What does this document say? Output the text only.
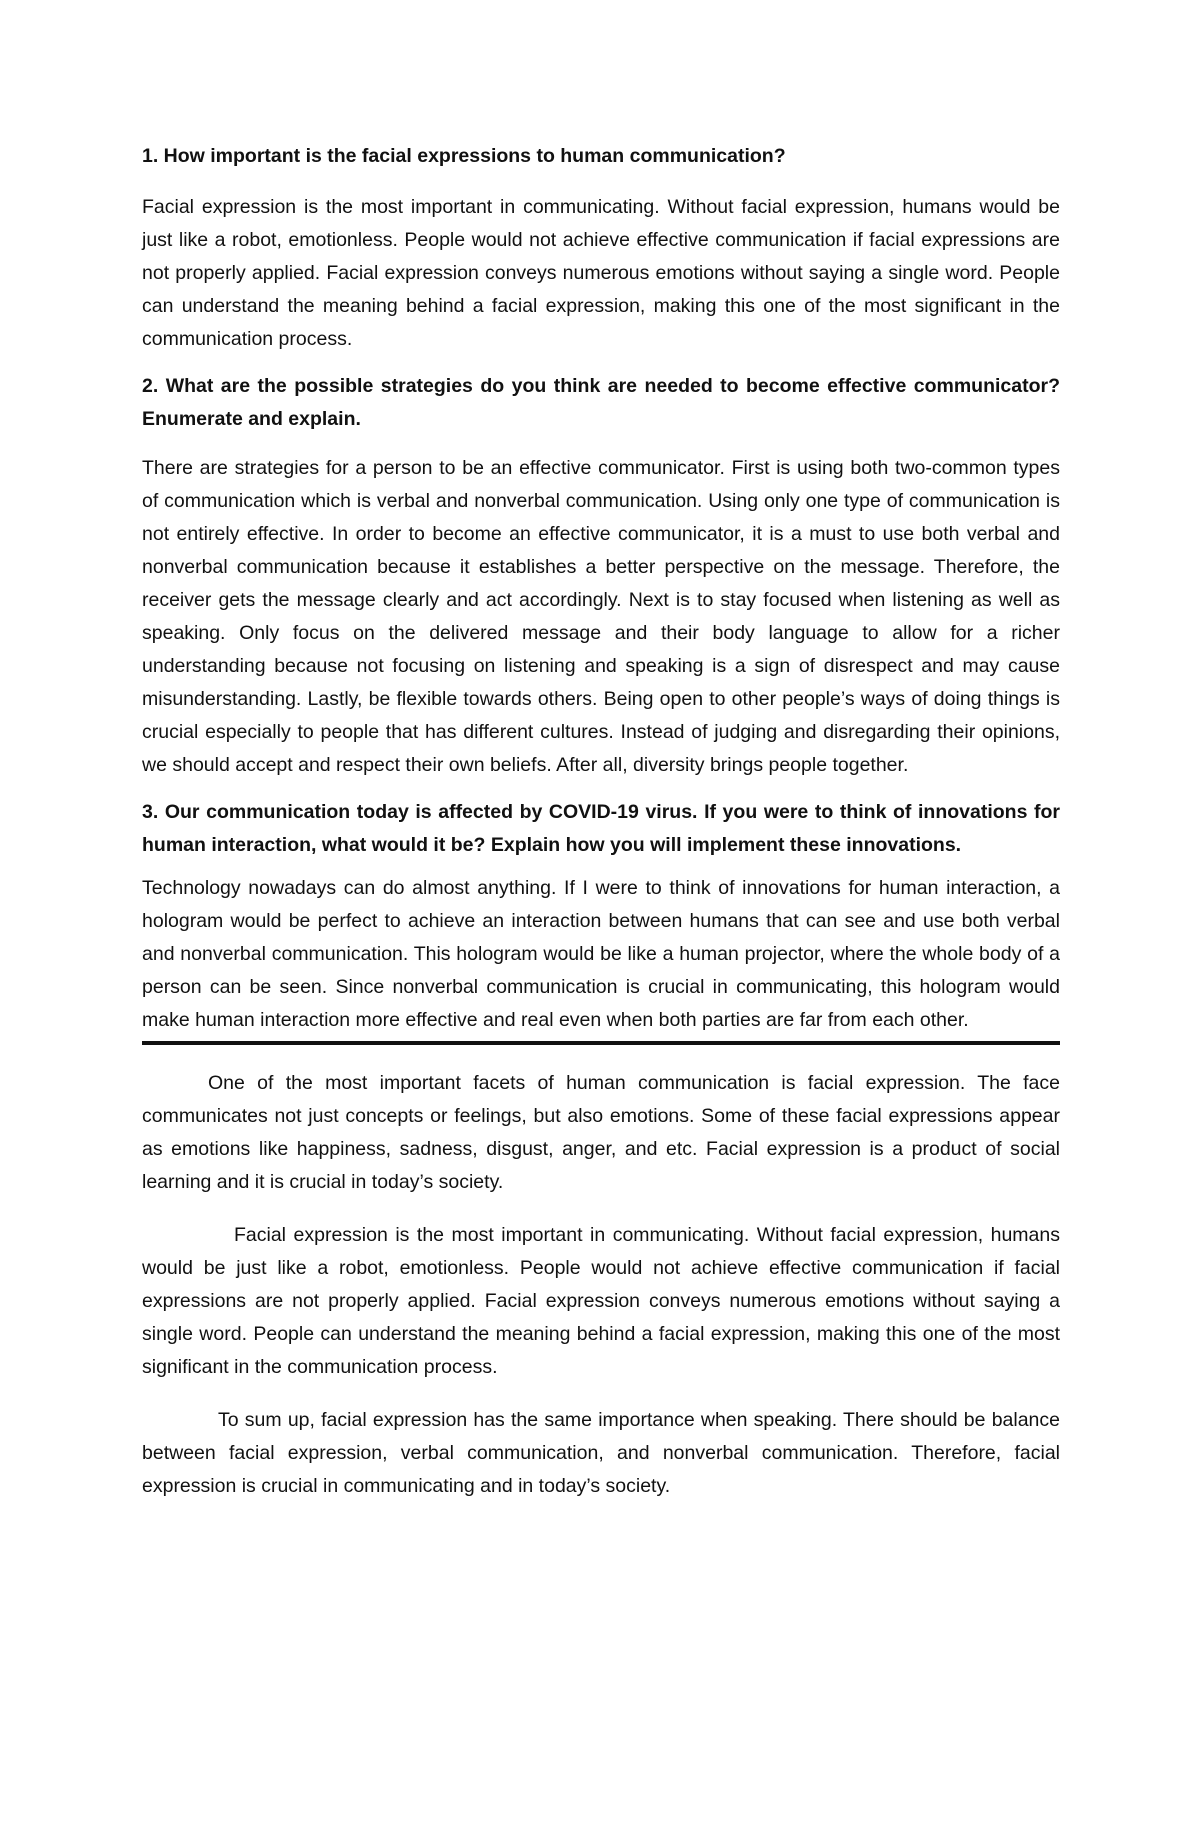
1. How important is the facial expressions to human communication?

Facial expression is the most important in communicating. Without facial expression, humans would be just like a robot, emotionless. People would not achieve effective communication if facial expressions are not properly applied. Facial expression conveys numerous emotions without saying a single word. People can understand the meaning behind a facial expression, making this one of the most significant in the communication process.

2. What are the possible strategies do you think are needed to become effective communicator? Enumerate and explain.

There are strategies for a person to be an effective communicator. First is using both two-common types of communication which is verbal and nonverbal communication. Using only one type of communication is not entirely effective. In order to become an effective communicator, it is a must to use both verbal and nonverbal communication because it establishes a better perspective on the message. Therefore, the receiver gets the message clearly and act accordingly. Next is to stay focused when listening as well as speaking. Only focus on the delivered message and their body language to allow for a richer understanding because not focusing on listening and speaking is a sign of disrespect and may cause misunderstanding. Lastly, be flexible towards others. Being open to other people’s ways of doing things is crucial especially to people that has different cultures. Instead of judging and disregarding their opinions, we should accept and respect their own beliefs. After all, diversity brings people together.

3. Our communication today is affected by COVID-19 virus. If you were to think of innovations for human interaction, what would it be? Explain how you will implement these innovations.

Technology nowadays can do almost anything. If I were to think of innovations for human interaction, a hologram would be perfect to achieve an interaction between humans that can see and use both verbal and nonverbal communication. This hologram would be like a human projector, where the whole body of a person can be seen. Since nonverbal communication is crucial in communicating, this hologram would make human interaction more effective and real even when both parties are far from each other.

One of the most important facets of human communication is facial expression. The face communicates not just concepts or feelings, but also emotions. Some of these facial expressions appear as emotions like happiness, sadness, disgust, anger, and etc. Facial expression is a product of social learning and it is crucial in today’s society.

Facial expression is the most important in communicating. Without facial expression, humans would be just like a robot, emotionless. People would not achieve effective communication if facial expressions are not properly applied. Facial expression conveys numerous emotions without saying a single word. People can understand the meaning behind a facial expression, making this one of the most significant in the communication process.

To sum up, facial expression has the same importance when speaking. There should be balance between facial expression, verbal communication, and nonverbal communication. Therefore, facial expression is crucial in communicating and in today’s society.
